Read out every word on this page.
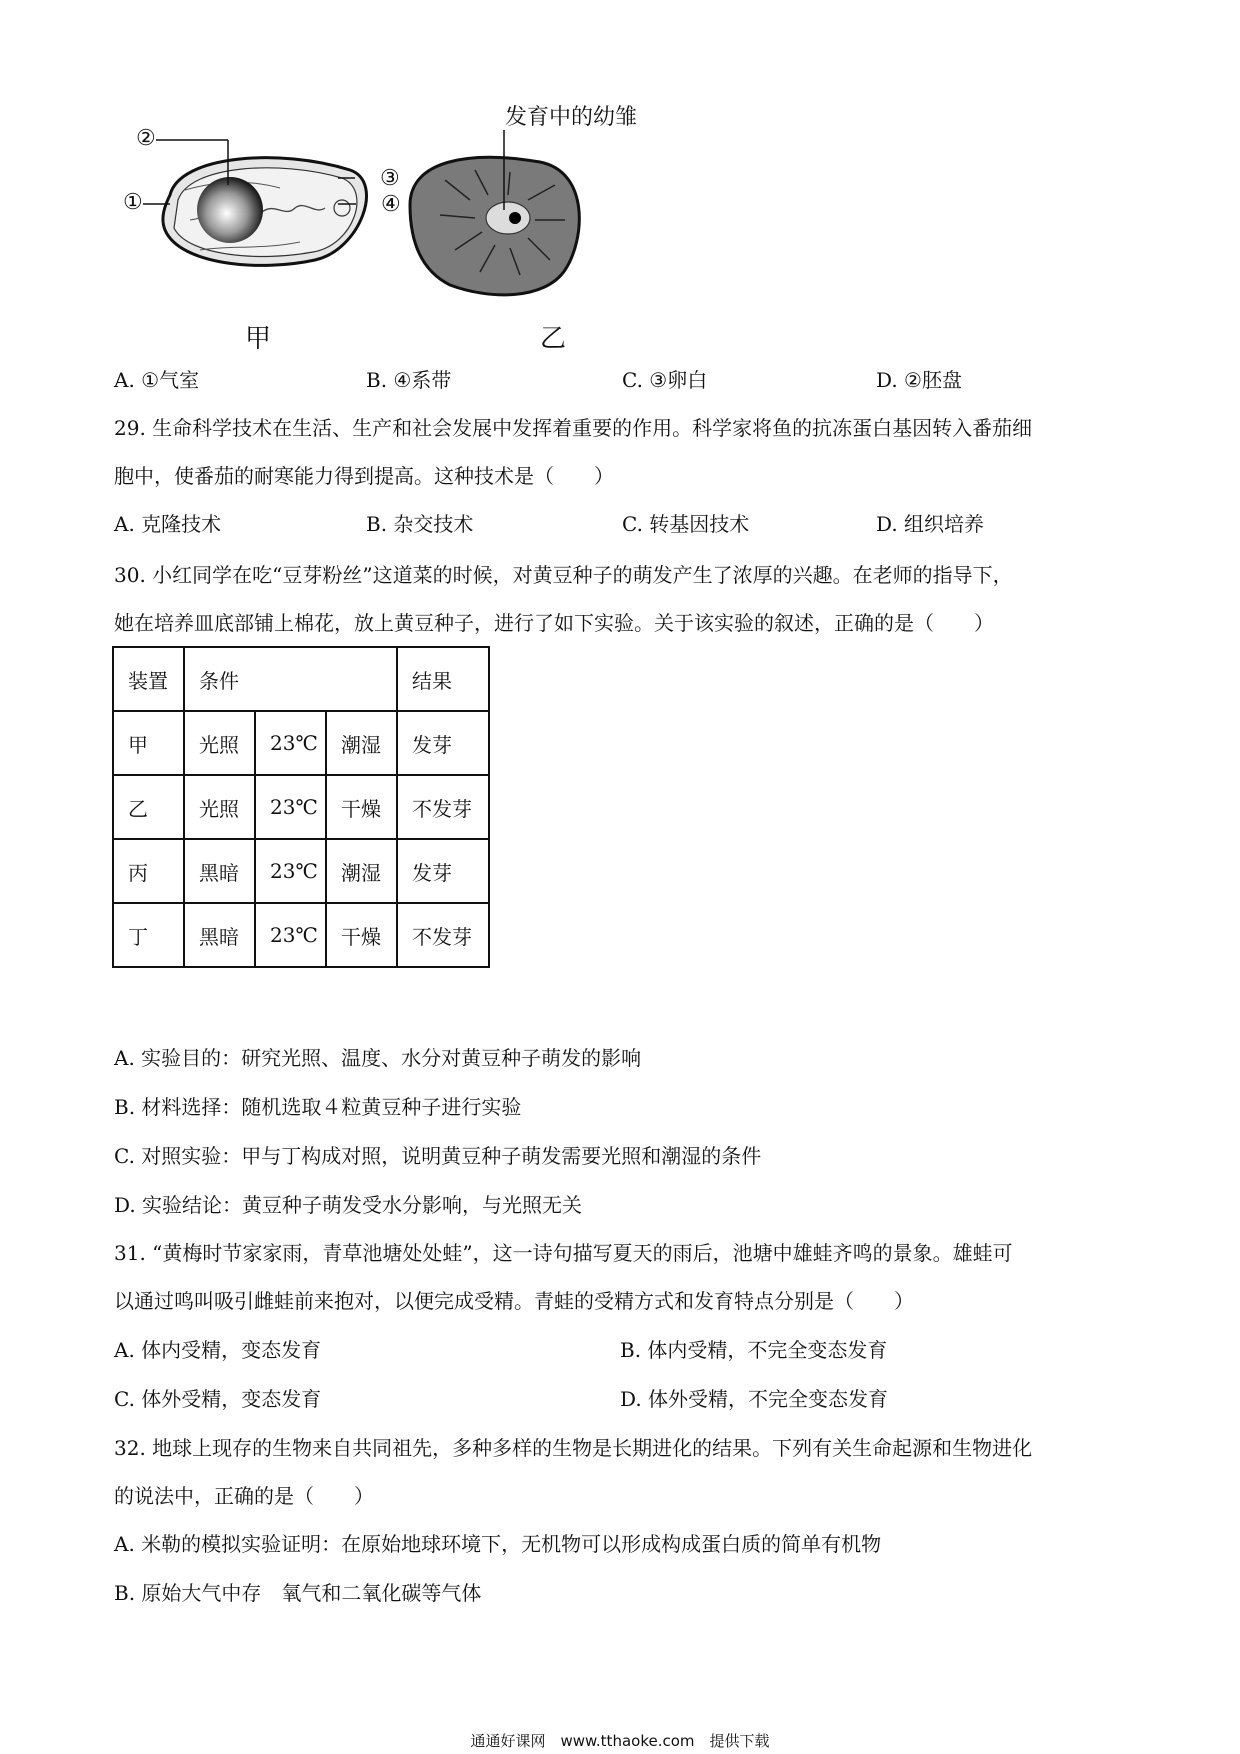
发育中的幼雏
②
①
③
④
甲	乙
A. ①气室	B. ④系带	C. ③卵白	D. ②胚盘
29. 生命科学技术在生活、生产和社会发展中发挥着重要的作用。科学家将鱼的抗冻蛋白基因转入番茄细
胞中，使番茄的耐寒能力得到提高。这种技术是（　　）
A. 克隆技术	B. 杂交技术	C. 转基因技术	D. 组织培养
30. 小红同学在吃“豆芽粉丝”这道菜的时候，对黄豆种子的萌发产生了浓厚的兴趣。在老师的指导下，
她在培养皿底部铺上棉花，放上黄豆种子，进行了如下实验。关于该实验的叙述，正确的是（　　）
装置	条件			结果
甲	光照	23℃	潮湿	发芽
乙	光照	23℃	干燥	不发芽
丙	黑暗	23℃	潮湿	发芽
丁	黑暗	23℃	干燥	不发芽
A. 实验目的：研究光照、温度、水分对黄豆种子萌发的影响
B. 材料选择：随机选取４粒黄豆种子进行实验
C. 对照实验：甲与丁构成对照，说明黄豆种子萌发需要光照和潮湿的条件
D. 实验结论：黄豆种子萌发受水分影响，与光照无关
31. “黄梅时节家家雨，青草池塘处处蛙”，这一诗句描写夏天的雨后，池塘中雄蛙齐鸣的景象。雄蛙可
以通过鸣叫吸引雌蛙前来抱对，以便完成受精。青蛙的受精方式和发育特点分别是（　　）
A. 体内受精，变态发育	B. 体内受精，不完全变态发育
C. 体外受精，变态发育	D. 体外受精，不完全变态发育
32. 地球上现存的生物来自共同祖先，多种多样的生物是长期进化的结果。下列有关生命起源和生物进化
的说法中，正确的是（　　）
A. 米勒的模拟实验证明：在原始地球环境下，无机物可以形成构成蛋白质的简单有机物
B. 原始大气中存　氧气和二氧化碳等气体
通通好课网　www.tthaoke.com　提供下载
